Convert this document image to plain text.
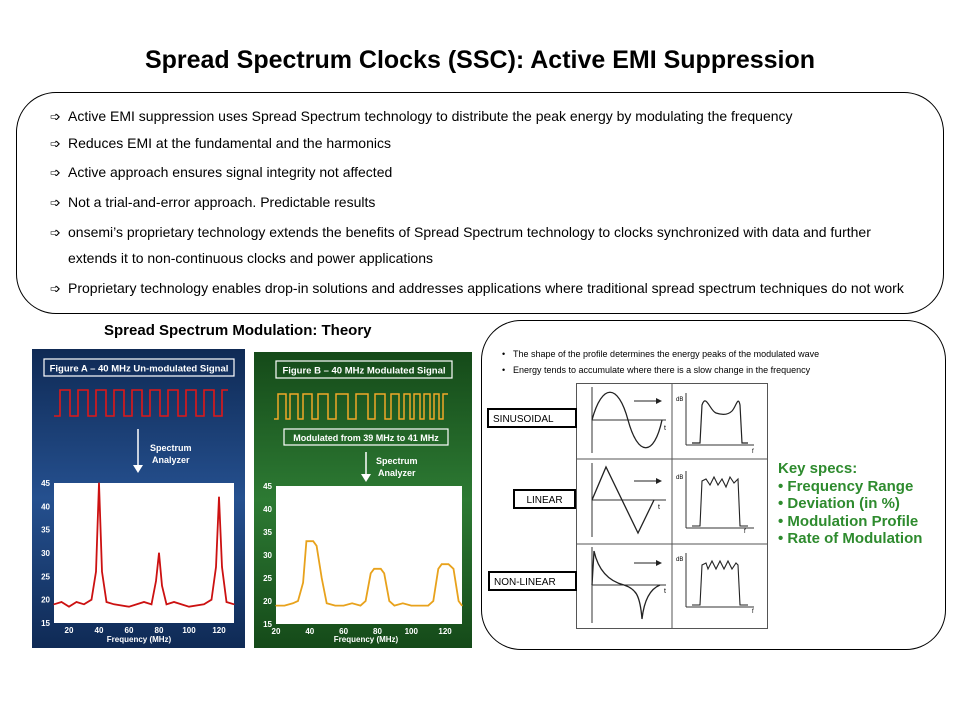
Spread Spectrum Clocks (SSC): Active EMI Suppression
➩ Active EMI suppression uses Spread Spectrum technology to distribute the peak energy by modulating the frequency
➩ Reduces EMI at the fundamental and the harmonics
➩ Active approach ensures signal integrity not affected
➩ Not a trial-and-error approach. Predictable results
➩ onsemi’s proprietary technology extends the benefits of Spread Spectrum technology to clocks synchronized with data and further
extends it to non-continuous clocks and power applications
➩ Proprietary technology enables drop-in solutions and addresses applications where traditional spread spectrum techniques do not work
Spread Spectrum Modulation: Theory
Figure A – 40 MHz Un-modulated Signal
Spectrum
Analyzer
45
40
35
30
25
20
15
20	40	60	80 100 120
Frequency (MHz)
Figure B – 40 MHz Modulated Signal
Modulated from 39 MHz to 41 MHz
Spectrum
Analyzer
45
40
35
30
25
20
15
20	40	60	80	100	120
Frequency (MHz)
• The shape of the profile determines the energy peaks of the modulated wave
• Energy tends to accumulate where there is a slow change in the frequency
t
dB
f
t
dB
f
t
dB
f
SINUSOIDAL
LINEAR
NON-LINEAR
Key specs:
• Frequency Range
• Deviation (in %)
• Modulation Profile
• Rate of Modulation
